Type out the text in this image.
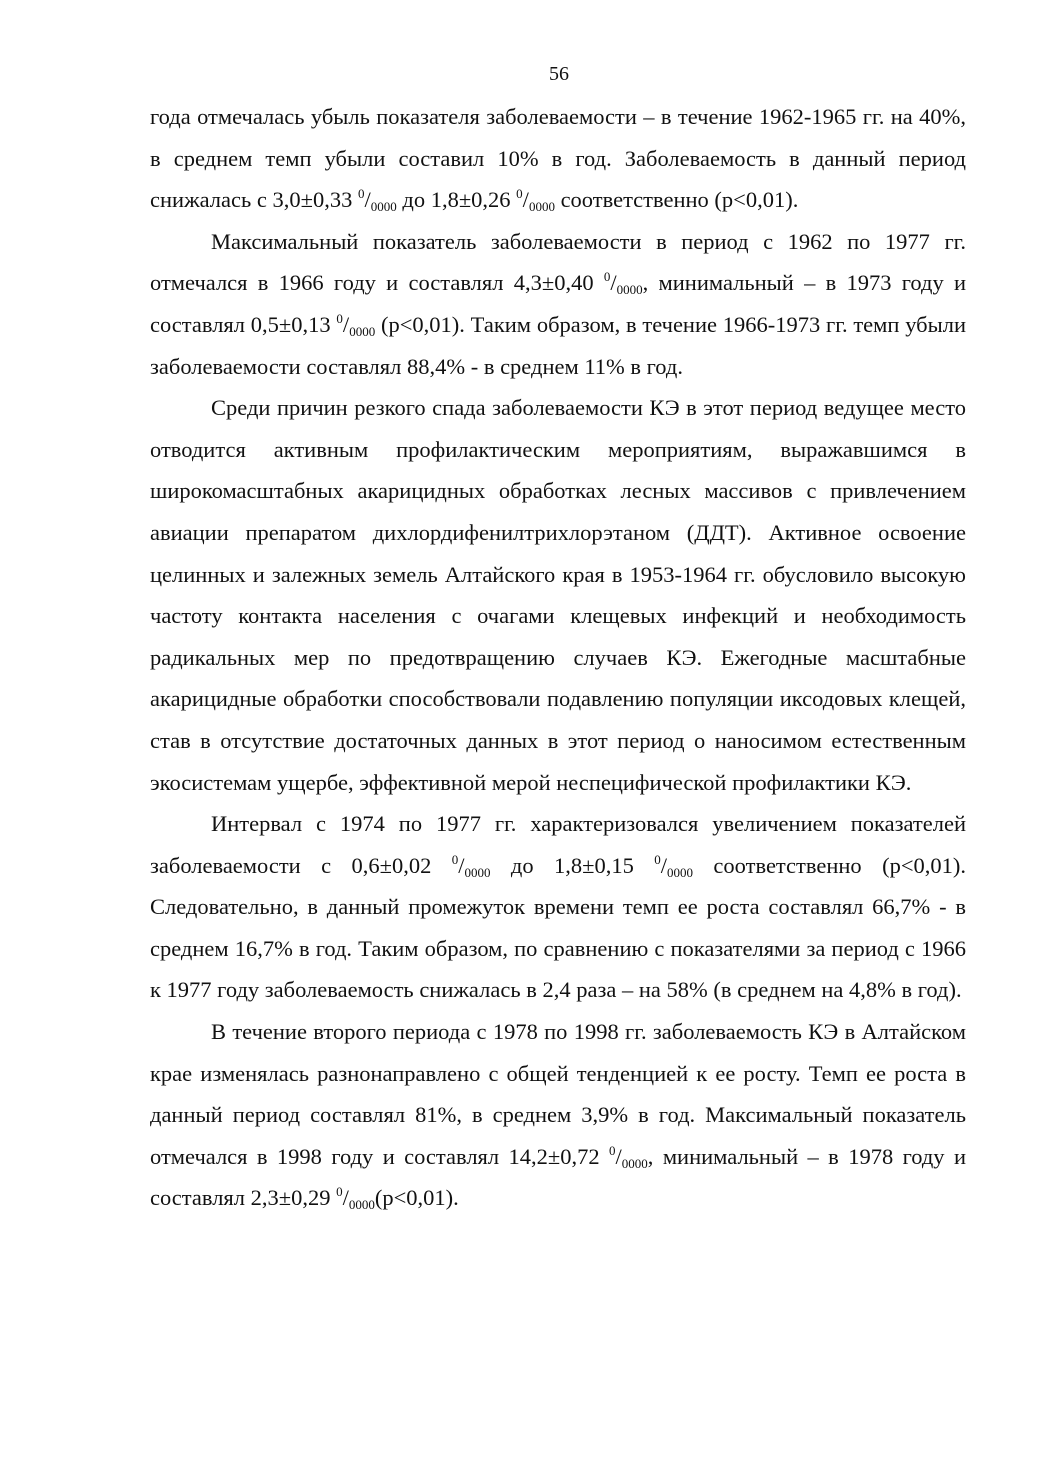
56

года отмечалась убыль показателя заболеваемости – в течение 1962-1965 гг. на 40%, в среднем темп убыли составил 10% в год. Заболеваемость в данный период снижалась с 3,0±0,33 $^0/_{0000}$ до 1,8±0,26 $^0/_{0000}$ соответственно (р<0,01).

Максимальный показатель заболеваемости в период с 1962 по 1977 гг. отмечался в 1966 году и составлял 4,3±0,40 $^0/_{0000}$, минимальный – в 1973 году и составлял 0,5±0,13 $^0/_{0000}$ (р<0,01). Таким образом, в течение 1966-1973 гг. темп убыли заболеваемости составлял 88,4% - в среднем 11% в год.

Среди причин резкого спада заболеваемости КЭ в этот период ведущее место отводится активным профилактическим мероприятиям, выражавшимся в широкомасштабных акарицидных обработках лесных массивов с привлечением авиации препаратом дихлордифенилтрихлорэтаном (ДДТ). Активное освоение целинных и залежных земель Алтайского края в 1953-1964 гг. обусловило высокую частоту контакта населения с очагами клещевых инфекций и необходимость радикальных мер по предотвращению случаев КЭ. Ежегодные масштабные акарицидные обработки способствовали подавлению популяции иксодовых клещей, став в отсутствие достаточных данных в этот период о наносимом естественным экосистемам ущербе, эффективной мерой неспецифической профилактики КЭ.

Интервал с 1974 по 1977 гг. характеризовался увеличением показателей заболеваемости с 0,6±0,02 $^0/_{0000}$ до 1,8±0,15 $^0/_{0000}$ соответственно (р<0,01). Следовательно, в данный промежуток времени темп ее роста составлял 66,7% - в среднем 16,7% в год. Таким образом, по сравнению с показателями за период с 1966 к 1977 году заболеваемость снижалась в 2,4 раза – на 58% (в среднем на 4,8% в год).

В течение второго периода с 1978 по 1998 гг. заболеваемость КЭ в Алтайском крае изменялась разнонаправлено с общей тенденцией к ее росту. Темп ее роста в данный период составлял 81%, в среднем 3,9% в год. Максимальный показатель отмечался в 1998 году и составлял 14,2±0,72 $^0/_{0000}$, минимальный – в 1978 году и составлял 2,3±0,29 $^0/_{0000}(р<0,01)$.
